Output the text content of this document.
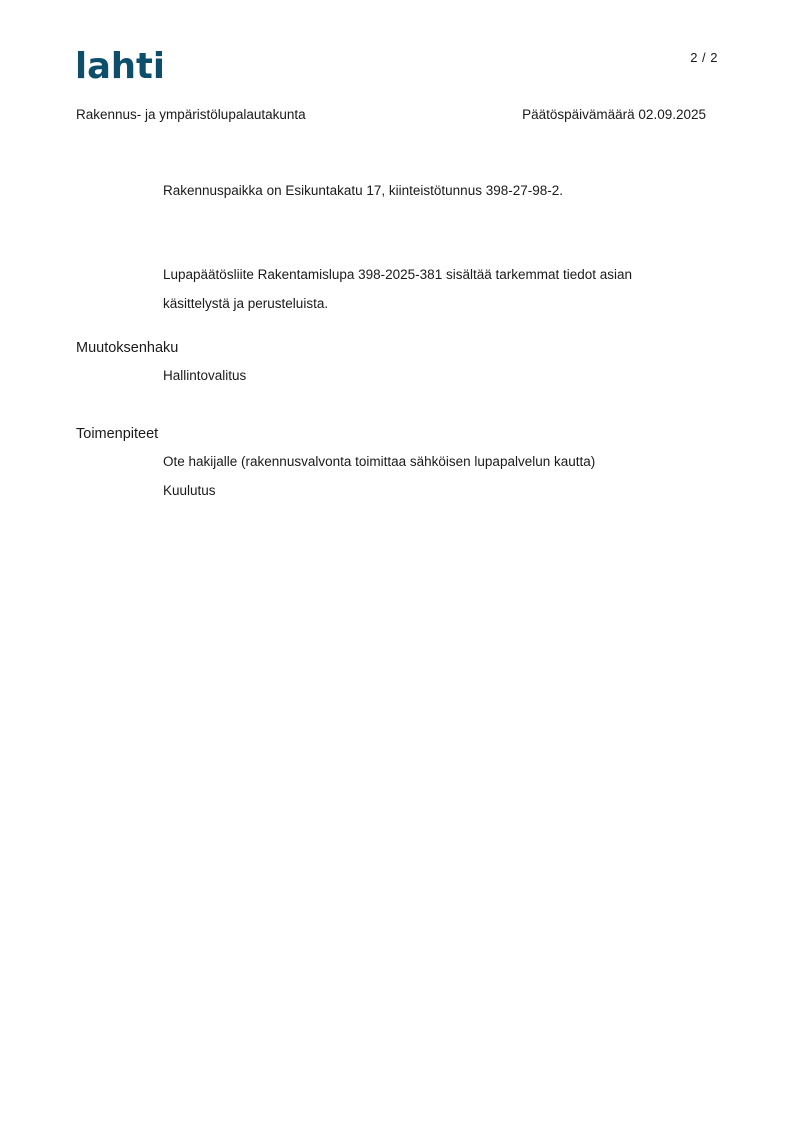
lahti	2 / 2
Rakennus- ja ympäristölupalautakunta	Päätöspäivämäärä 02.09.2025
Rakennuspaikka on Esikuntakatu 17, kiinteistötunnus 398-27-98-2.
Lupapäätösliite Rakentamislupa 398-2025-381 sisältää tarkemmat tiedot asian
käsittelystä ja perusteluista.
Muutoksenhaku
Hallintovalitus
Toimenpiteet
Ote hakijalle (rakennusvalvonta toimittaa sähköisen lupapalvelun kautta)
Kuulutus
